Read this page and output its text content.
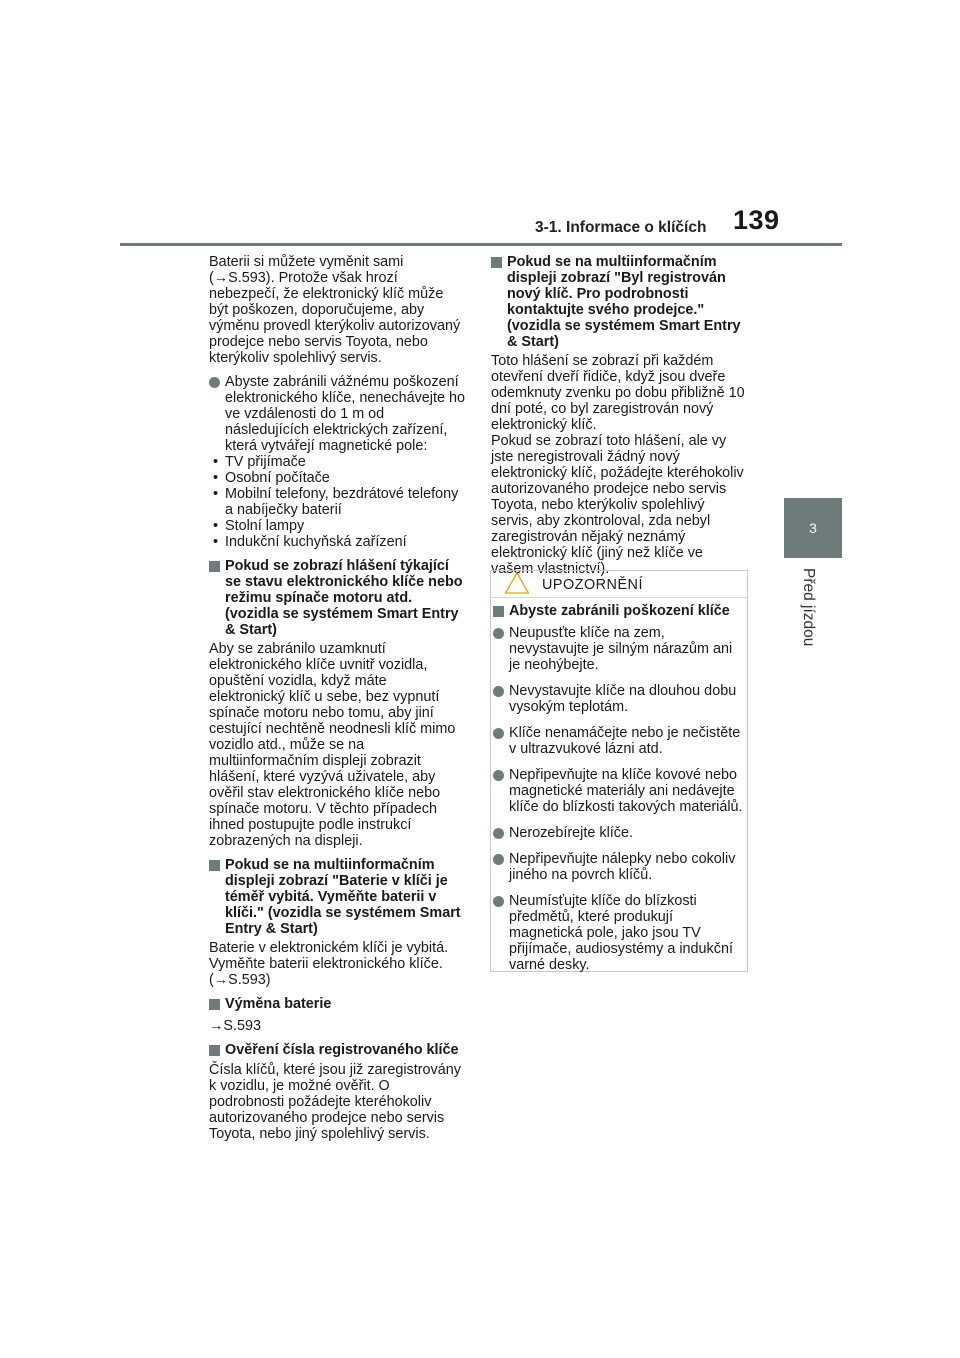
3-1. Informace o klíčích 139
3
Před jízdou

Baterii si můžete vyměnit sami (→S.593). Protože však hrozí nebezpečí, že elektronický klíč může být poškozen, doporučujeme, aby výměnu provedl kterýkoliv autorizovaný prodejce nebo servis Toyota, nebo kterýkoliv spolehlivý servis.

Abyste zabránili vážnému poškození elektronického klíče, nenechávejte ho ve vzdálenosti do 1 m od následujících elektrických zařízení, která vytvářejí magnetické pole:
• TV přijímače
• Osobní počítače
• Mobilní telefony, bezdrátové telefony a nabíječky baterií
• Stolní lampy
• Indukční kuchyňská zařízení
Pokud se zobrazí hlášení týkající se stavu elektronického klíče nebo režimu spínače motoru atd. (vozidla se systémem Smart Entry & Start)

Aby se zabránilo uzamknutí elektronického klíče uvnitř vozidla, opuštění vozidla, když máte elektronický klíč u sebe, bez vypnutí spínače motoru nebo tomu, aby jiní cestující nechtěně neodnesli klíč mimo vozidlo atd., může se na multiinformačním displeji zobrazit hlášení, které vyzývá uživatele, aby ověřil stav elektronického klíče nebo spínače motoru. V těchto případech ihned postupujte podle instrukcí zobrazených na displeji.

Pokud se na multiinformačním displeji zobrazí "Baterie v klíči je téměř vybitá. Vyměňte baterii v klíči." (vozidla se systémem Smart Entry & Start)

Baterie v elektronickém klíči je vybitá. Vyměňte baterii elektronického klíče. (→S.593)

Výměna baterie

→S.593

Ověření čísla registrovaného klíče

Čísla klíčů, které jsou již zaregistrovány k vozidlu, je možné ověřit. O podrobnosti požádejte kteréhokoliv autorizovaného prodejce nebo servis Toyota, nebo jiný spolehlivý servis.

Pokud se na multiinformačním displeji zobrazí "Byl registrován nový klíč. Pro podrobnosti kontaktujte svého prodejce." (vozidla se systémem Smart Entry & Start)

Toto hlášení se zobrazí při každém otevření dveří řidiče, když jsou dveře odemknuty zvenku po dobu přibližně 10 dní poté, co byl zaregistrován nový elektronický klíč.

Pokud se zobrazí toto hlášení, ale vy jste neregistrovali žádný nový elektronický klíč, požádejte kteréhokoliv autorizovaného prodejce nebo servis Toyota, nebo kterýkoliv spolehlivý servis, aby zkontroloval, zda nebyl zaregistrován nějaký neznámý elektronický klíč (jiný než klíče ve vašem vlastnictví).

UPOZORNĚNÍ
Abyste zabránili poškození klíče
Neupusťte klíče na zem, nevystavujte je silným nárazům ani je neohýbejte.
Nevystavujte klíče na dlouhou dobu vysokým teplotám.
Klíče nenamáčejte nebo je nečistěte v ultrazvukové lázni atd.
Nepřipevňujte na klíče kovové nebo magnetické materiály ani nedávejte klíče do blízkosti takových materiálů.
Nerozebírejte klíče.
Nepřipevňujte nálepky nebo cokoliv jiného na povrch klíčů.
Neumísťujte klíče do blízkosti předmětů, které produkují magnetická pole, jako jsou TV přijímače, audiosystémy a indukční varné desky.
